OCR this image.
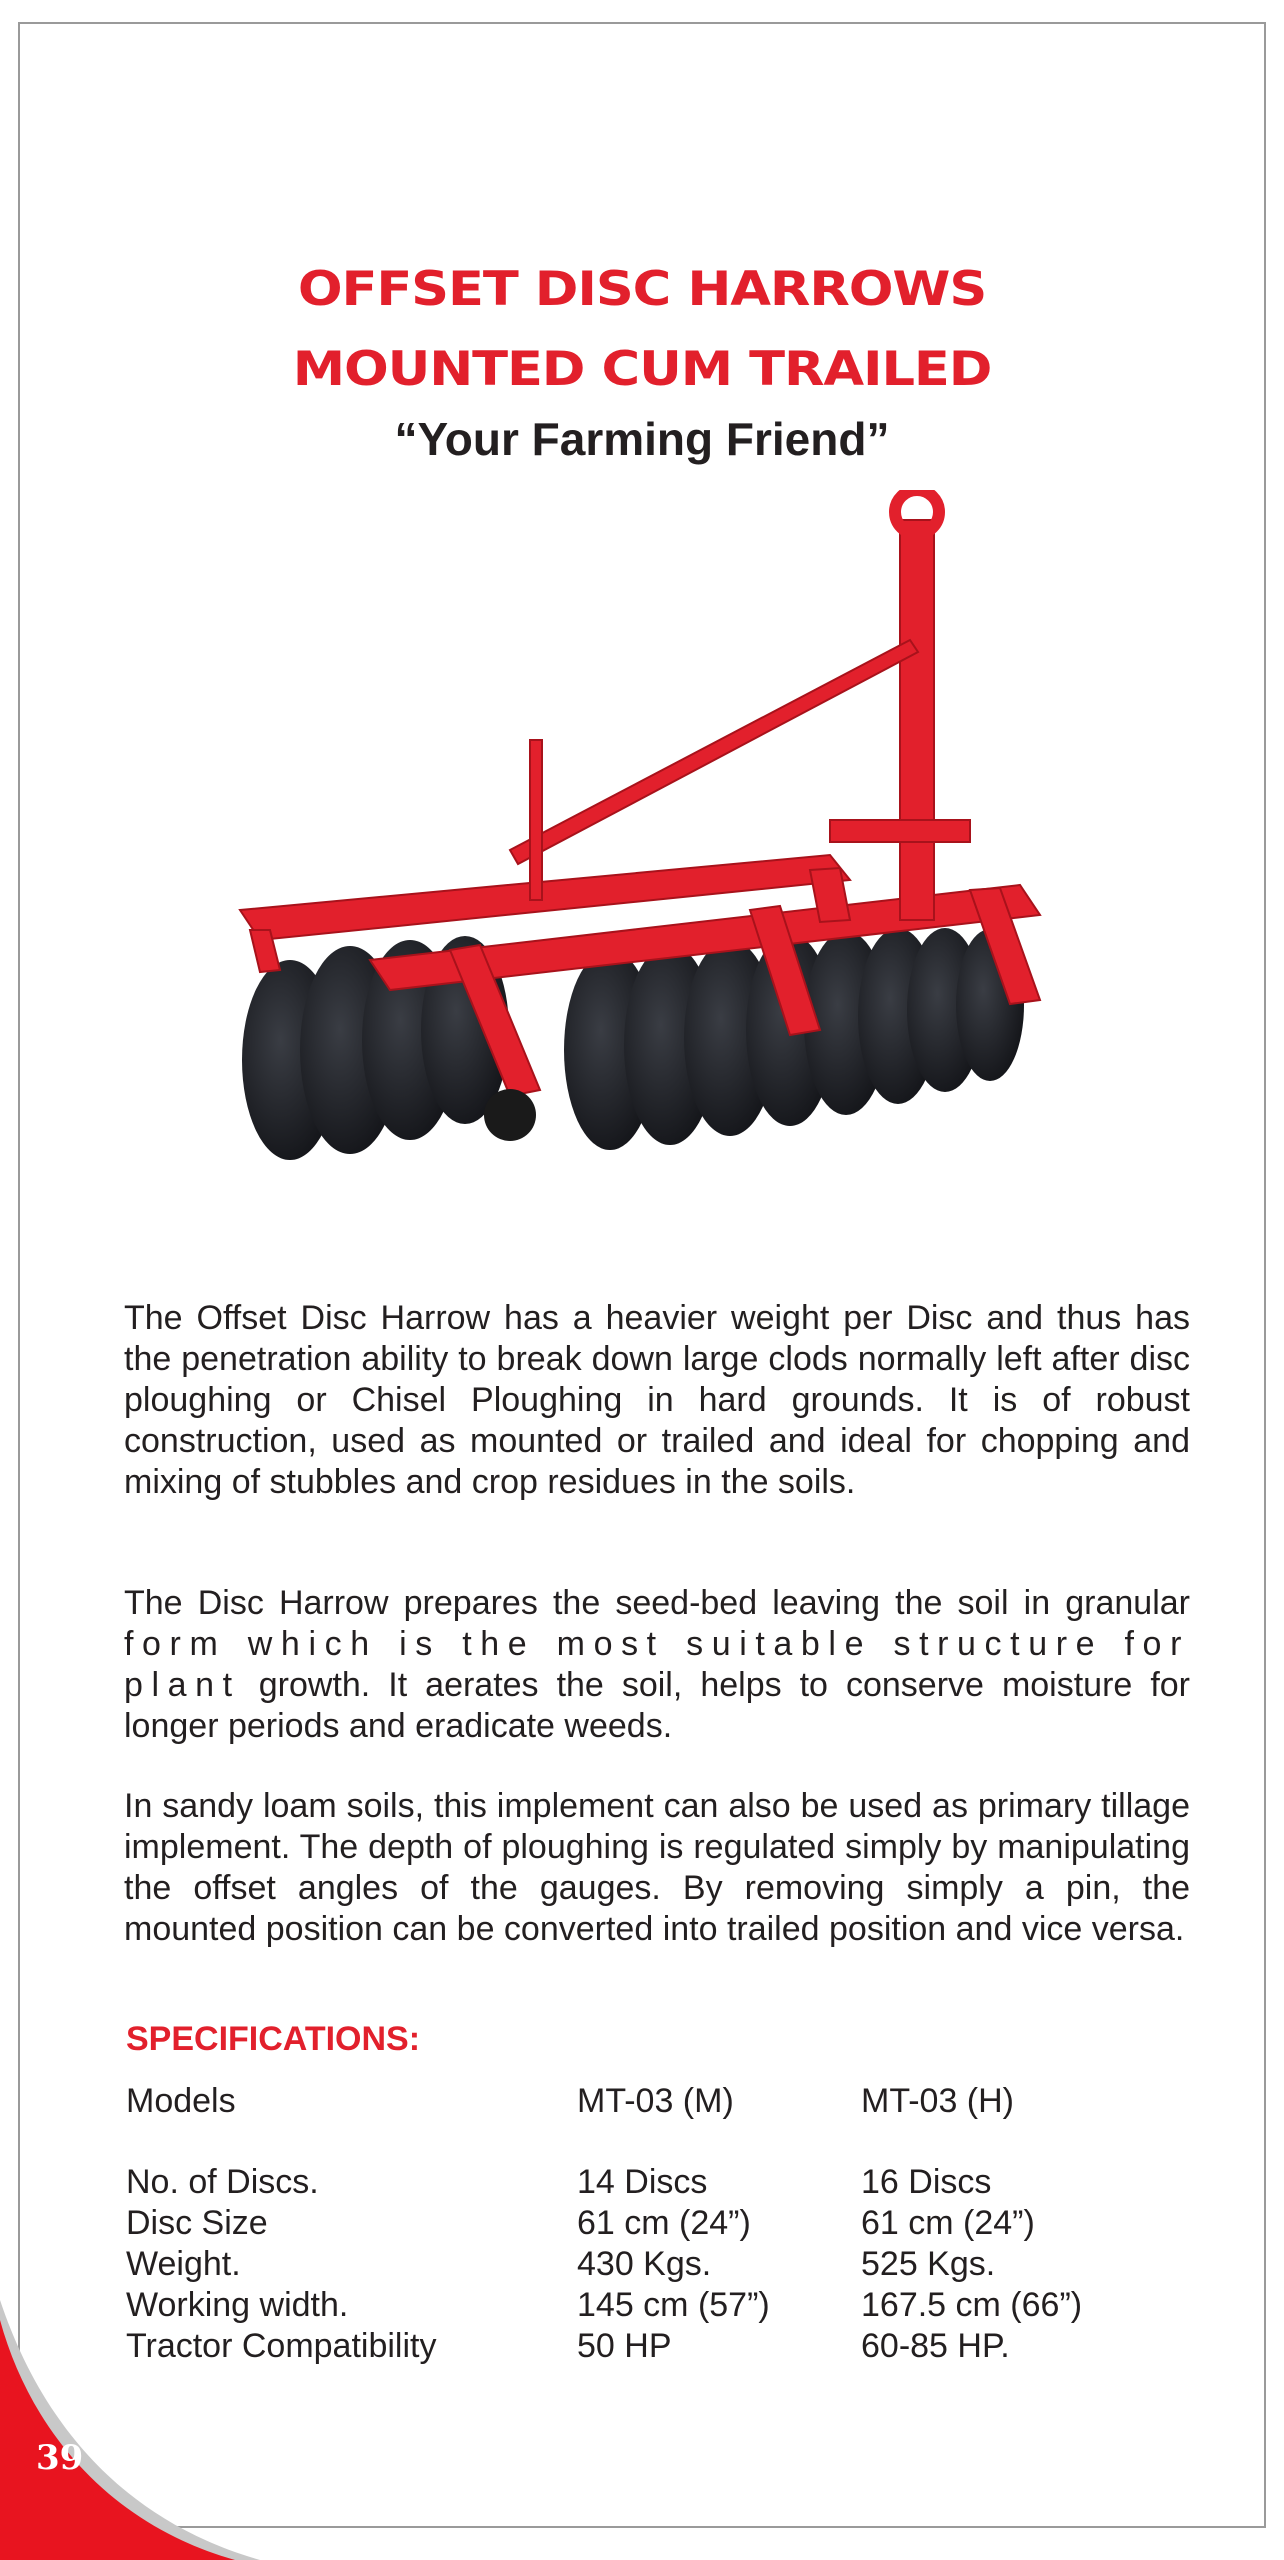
OFFSET DISC HARROWS
MOUNTED CUM TRAILED
“Your Farming Friend”

The Offset Disc Harrow has a heavier weight per Disc and thus has the penetration ability to break down large clods normally left after disc ploughing or Chisel Ploughing in hard grounds. It is of robust construction, used as mounted or trailed and ideal for chopping and mixing of stubbles and crop residues in the soils.

The Disc Harrow prepares the seed-bed leaving the soil in granular form which is the most suitable structure for plant growth. It aerates the soil, helps to conserve moisture for longer periods and eradicate weeds.

In sandy loam soils, this implement can also be used as primary tillage implement. The depth of ploughing is regulated simply by manipulating the offset angles of the gauges. By removing simply a pin, the mounted position can be converted into trailed position and vice versa.

SPECIFICATIONS:
Models	MT-03 (M)	MT-03 (H)
No. of Discs.	14 Discs	16 Discs
Disc Size	61 cm (24”)	61 cm (24”)
Weight.	430 Kgs.	525 Kgs.
Working width.	145 cm (57”)	167.5 cm (66”)
Tractor Compatibility	50 HP	60-85 HP.
39
